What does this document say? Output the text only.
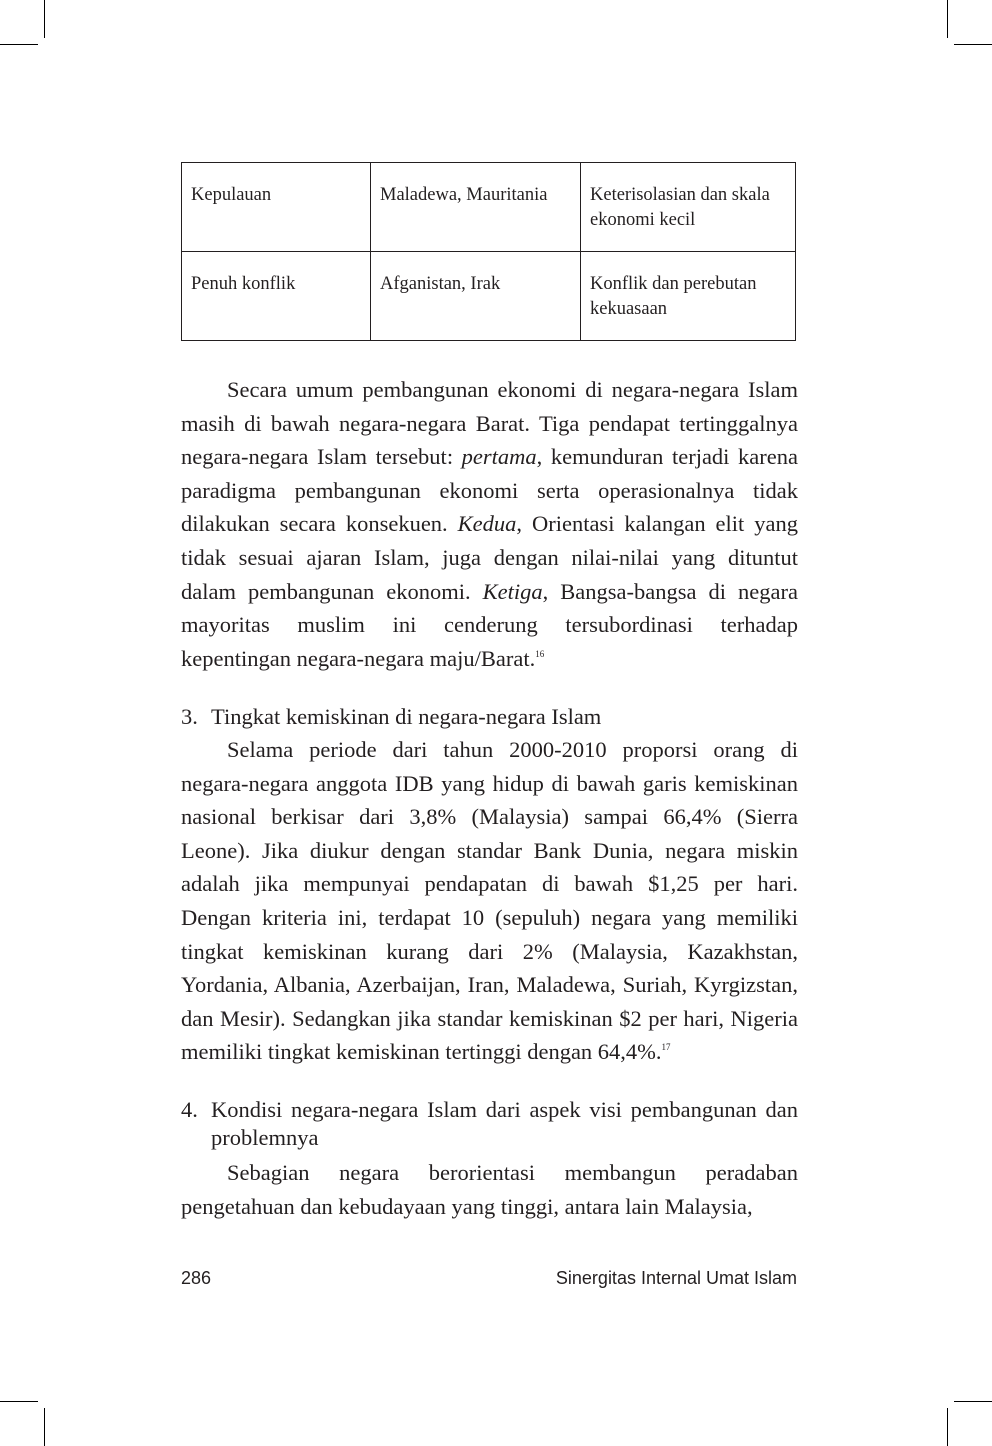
Kepulauan	Maladewa, Mauritania	Keterisolasian dan skala
ekonomi kecil
Penuh konflik	Afganistan, Irak	Konflik dan perebutan
kekuasaan

Secara umum pembangunan ekonomi di negara-negara Islam masih di bawah negara-negara Barat. Tiga pendapat tertinggalnya negara-negara Islam tersebut: pertama, kemunduran terjadi karena paradigma pembangunan ekonomi serta operasionalnya tidak dilakukan secara konsekuen. Kedua, Orientasi kalangan elit yang tidak sesuai ajaran Islam, juga dengan nilai-nilai yang dituntut dalam pembangunan ekonomi. Ketiga, Bangsa-bangsa di negara mayoritas muslim ini cenderung tersubordinasi terhadap kepentingan negara-negara maju/Barat.$^{16}$

3. Tingkat kemiskinan di negara-negara Islam

Selama periode dari tahun 2000-2010 proporsi orang di negara-negara anggota IDB yang hidup di bawah garis kemiskinan nasional berkisar dari 3,8% (Malaysia) sampai 66,4% (Sierra Leone). Jika diukur dengan standar Bank Dunia, negara miskin adalah jika mempunyai pendapatan di bawah $1,25 per hari. Dengan kriteria ini, terdapat 10 (sepuluh) negara yang memiliki tingkat kemiskinan kurang dari 2% (Malaysia, Kazakhstan, Yordania, Albania, Azerbaijan, Iran, Maladewa, Suriah, Kyrgizstan, dan Mesir). Sedangkan jika standar kemiskinan $2 per hari, Nigeria memiliki tingkat kemiskinan tertinggi dengan 64,4%.$^{17}$

4. Kondisi negara-negara Islam dari aspek visi pembangunan dan problemnya

Sebagian negara berorientasi membangun peradaban pengetahuan dan kebudayaan yang tinggi, antara lain Malaysia,

286	Sinergitas Internal Umat Islam
